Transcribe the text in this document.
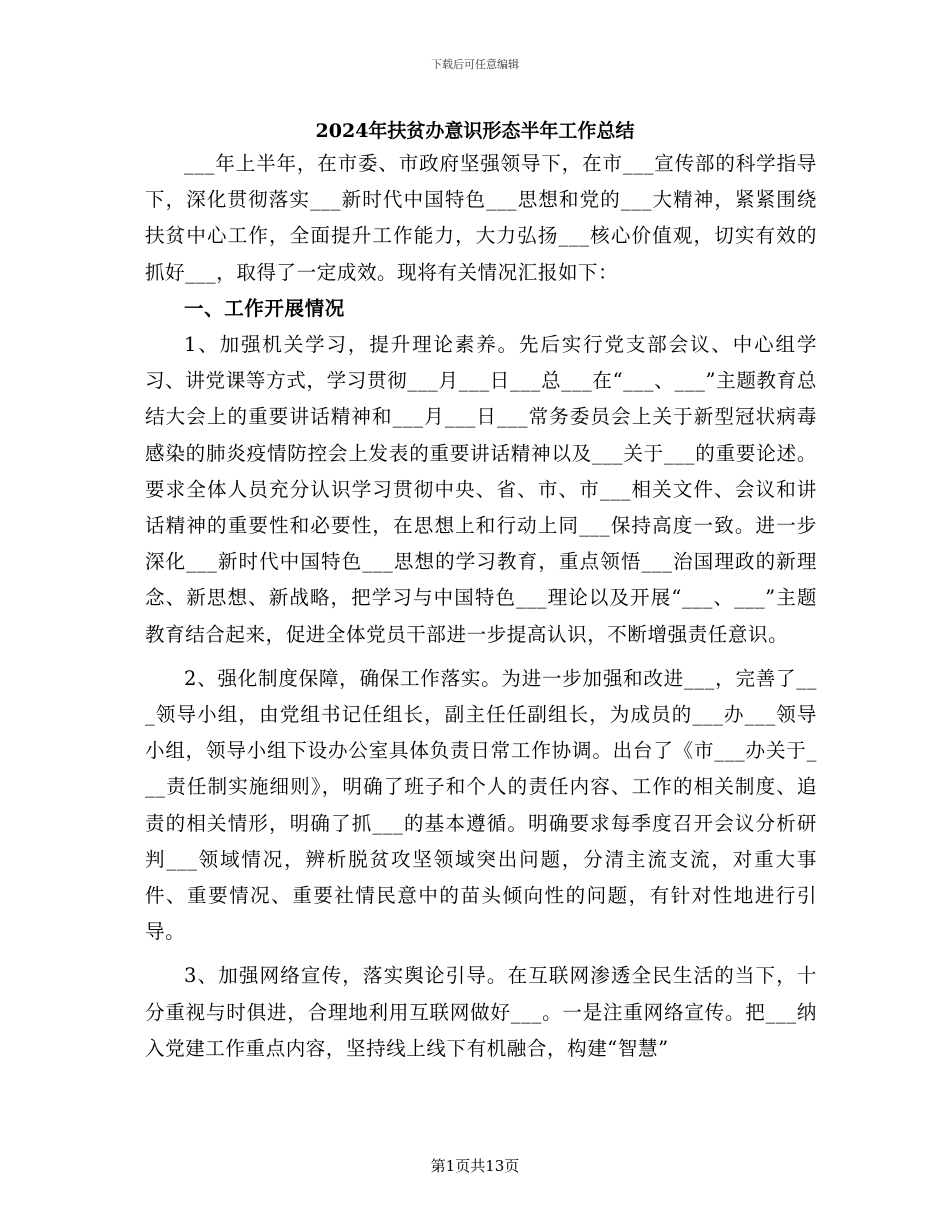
下载后可任意编辑
2024年扶贫办意识形态半年工作总结

___年上半年，在市委、市政府坚强领导下，在市___宣传部的科学指导下，深化贯彻落实___新时代中国特色___思想和党的___大精神，紧紧围绕扶贫中心工作，全面提升工作能力，大力弘扬___核心价值观，切实有效的抓好___，取得了一定成效。现将有关情况汇报如下：

一、工作开展情况

1、加强机关学习，提升理论素养。先后实行党支部会议、中心组学习、讲党课等方式，学习贯彻___月___日___总___在“___、___”主题教育总结大会上的重要讲话精神和___月___日___常务委员会上关于新型冠状病毒感染的肺炎疫情防控会上发表的重要讲话精神以及___关于___的重要论述。要求全体人员充分认识学习贯彻中央、省、市、市___相关文件、会议和讲话精神的重要性和必要性，在思想上和行动上同___保持高度一致。进一步深化___新时代中国特色___思想的学习教育，重点领悟___治国理政的新理念、新思想、新战略，把学习与中国特色___理论以及开展“___、___”主题教育结合起来，促进全体党员干部进一步提高认识，不断增强责任意识。

2、强化制度保障，确保工作落实。为进一步加强和改进___，完善了___领导小组，由党组书记任组长，副主任任副组长，为成员的___办___领导小组，领导小组下设办公室具体负责日常工作协调。出台了《市___办关于___责任制实施细则》，明确了班子和个人的责任内容、工作的相关制度、追责的相关情形，明确了抓___的基本遵循。明确要求每季度召开会议分析研判___领域情况，辨析脱贫攻坚领域突出问题，分清主流支流，对重大事件、重要情况、重要社情民意中的苗头倾向性的问题，有针对性地进行引导。

3、加强网络宣传，落实舆论引导。在互联网渗透全民生活的当下，十分重视与时俱进，合理地利用互联网做好___。一是注重网络宣传。把___纳入党建工作重点内容，坚持线上线下有机融合，构建“智慧”

第1页共13页
